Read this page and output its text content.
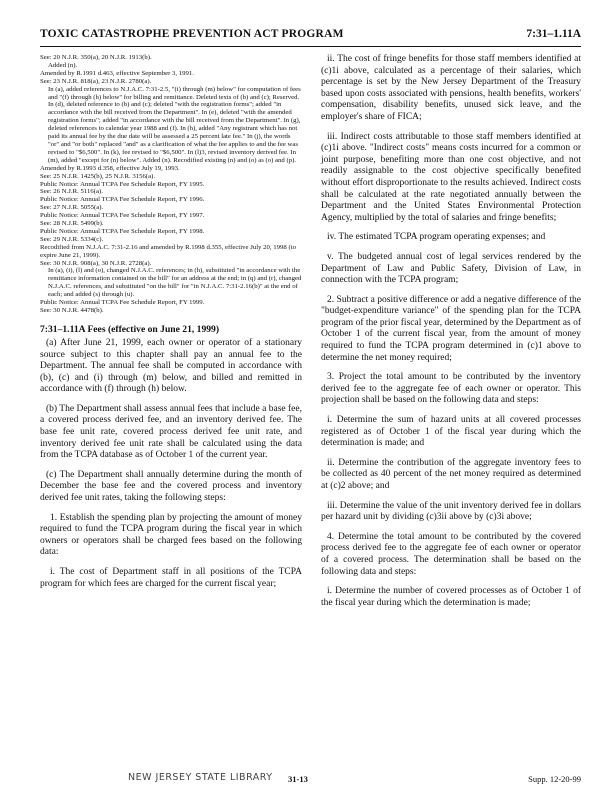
TOXIC CATASTROPHE PREVENTION ACT PROGRAM	7:31–1.11A

See: 20 N.J.R. 350(a), 20 N.J.R. 1913(b).

Added (n).

Amended by R.1991 d.463, effective September 3, 1991.

See: 23 N.J.R. 818(a), 23 N.J.R. 2780(a).

In (a), added references to N.J.A.C. 7:31-2.5, "(i) through (m) below" for computation of fees and "(f) through (h) below" for billing and remittance. Deleted texts of (b) and (c); Reserved. In (d), deleted reference to (b) and (c); deleted "with the registration forms"; added "in accordance with the bill received from the Department". In (e), deleted "with the amended registration forms"; added "in accordance with the bill received from the Department". In (g), deleted references to calendar year 1988 and (f). In (h), added "Any registrant which has not paid its annual fee by the due date will be assessed a 25 percent late fee." In (j), the words "or" and "or both" replaced "and" as a clarification of what the fee applies to and the fee was revised to "$6,500". In (k), fee revised to "$6,500". In (l)3, revised inventory derived fee. In (m), added "except for (n) below". Added (n). Recodified existing (n) and (o) as (o) and (p).

Amended by R.1993 d.358, effective July 19, 1993.

See: 25 N.J.R. 1425(b), 25 N.J.R. 3156(a).

Public Notice: Annual TCPA Fee Schedule Report, FY 1995.

See: 26 N.J.R. 5116(a).

Public Notice: Annual TCPA Fee Schedule Report, FY 1996.

See: 27 N.J.R. 5055(a).

Public Notice: Annual TCPA Fee Schedule Report, FY 1997.

See: 28 N.J.R. 5499(b).

Public Notice: Annual TCPA Fee Schedule Report, FY 1998.

See: 29 N.J.R. 5334(c).

Recodified from N.J.A.C. 7:31-2.16 and amended by R.1998 d.355, effective July 20, 1998 (to expire June 21, 1999).

See: 30 N.J.R. 908(a), 30 N.J.R. 2728(a).

In (a), (i), (l) and (o), changed N.J.A.C. references; in (h), substituted "in accordance with the remittance information contained on the bill" for an address at the end; in (q) and (r), changed N.J.A.C. references, and substituted "on the bill" for "in N.J.A.C. 7:31-2.16(b)" at the end of each; and added (s) through (u).

Public Notice: Annual TCPA Fee Schedule Report, FY 1999.

See: 30 N.J.R. 4478(b).

7:31–1.11A Fees (effective on June 21, 1999)

(a) After June 21, 1999, each owner or operator of a stationary source subject to this chapter shall pay an annual fee to the Department. The annual fee shall be computed in accordance with (b), (c) and (i) through (m) below, and billed and remitted in accordance with (f) through (h) below.

(b) The Department shall assess annual fees that include a base fee, a covered process derived fee, and an inventory derived fee. The base fee unit rate, covered process derived fee unit rate, and inventory derived fee unit rate shall be calculated using the data from the TCPA database as of October 1 of the current year.

(c) The Department shall annually determine during the month of December the base fee and the covered process and inventory derived fee unit rates, taking the following steps:

1. Establish the spending plan by projecting the amount of money required to fund the TCPA program during the fiscal year in which owners or operators shall be charged fees based on the following data:

i. The cost of Department staff in all positions of the TCPA program for which fees are charged for the current fiscal year;

ii. The cost of fringe benefits for those staff members identified at (c)1i above, calculated as a percentage of their salaries, which percentage is set by the New Jersey Department of the Treasury based upon costs associated with pensions, health benefits, workers' compensation, disability benefits, unused sick leave, and the employer's share of FICA;

iii. Indirect costs attributable to those staff members identified at (c)1i above. "Indirect costs" means costs incurred for a common or joint purpose, benefiting more than one cost objective, and not readily assignable to the cost objective specifically benefited without effort disproportionate to the results achieved. Indirect costs shall be calculated at the rate negotiated annually between the Department and the United States Environmental Protection Agency, multiplied by the total of salaries and fringe benefits;

iv. The estimated TCPA program operating expenses; and

v. The budgeted annual cost of legal services rendered by the Department of Law and Public Safety, Division of Law, in connection with the TCPA program;

2. Subtract a positive difference or add a negative difference of the "budget-expenditure variance" of the spending plan for the TCPA program of the prior fiscal year, determined by the Department as of October 1 of the current fiscal year, from the amount of money required to fund the TCPA program determined in (c)1 above to determine the net money required;

3. Project the total amount to be contributed by the inventory derived fee to the aggregate fee of each owner or operator. This projection shall be based on the following data and steps:

i. Determine the sum of hazard units at all covered processes registered as of October 1 of the fiscal year during which the determination is made; and

ii. Determine the contribution of the aggregate inventory fees to be collected as 40 percent of the net money required as determined at (c)2 above; and

iii. Determine the value of the unit inventory derived fee in dollars per hazard unit by dividing (c)3ii above by (c)3i above;

4. Determine the total amount to be contributed by the covered process derived fee to the aggregate fee of each owner or operator of a covered process. The determination shall be based on the following data and steps:

i. Determine the number of covered processes as of October 1 of the fiscal year during which the determination is made;

NEW JERSEY STATE LIBRARY 31-13	Supp. 12-20-99
